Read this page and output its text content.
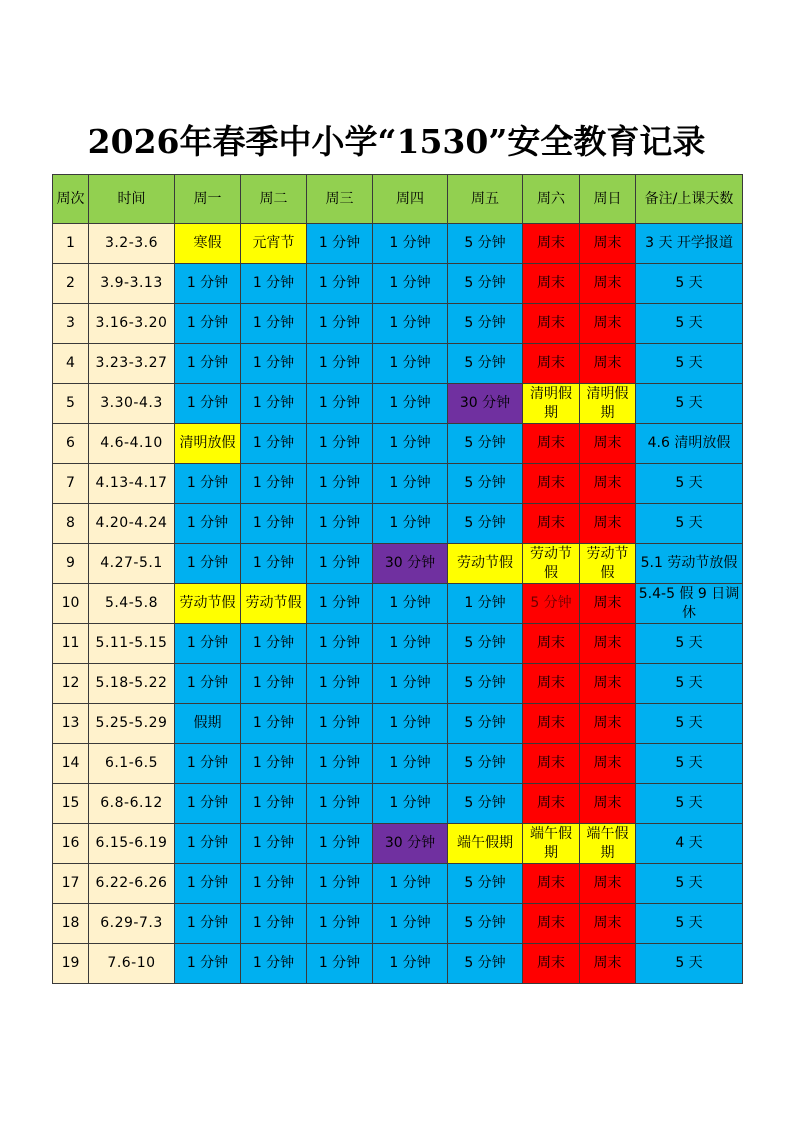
2026年春季中小学“1530”安全教育记录
周次	时间	周一	周二	周三	周四	周五	周六	周日	备注/上课天数
1	3.2-3.6	寒假	元宵节	1 分钟	1 分钟	5 分钟	周末	周末	3 天 开学报道
2	3.9-3.13	1 分钟	1 分钟	1 分钟	1 分钟	5 分钟	周末	周末	5 天
3	3.16-3.20	1 分钟	1 分钟	1 分钟	1 分钟	5 分钟	周末	周末	5 天
4	3.23-3.27	1 分钟	1 分钟	1 分钟	1 分钟	5 分钟	周末	周末	5 天
5	3.30-4.3	1 分钟	1 分钟	1 分钟	1 分钟	30 分钟	清明假期	清明假期	5 天
6	4.6-4.10	清明放假	1 分钟	1 分钟	1 分钟	5 分钟	周末	周末	4.6 清明放假
7	4.13-4.17	1 分钟	1 分钟	1 分钟	1 分钟	5 分钟	周末	周末	5 天
8	4.20-4.24	1 分钟	1 分钟	1 分钟	1 分钟	5 分钟	周末	周末	5 天
9	4.27-5.1	1 分钟	1 分钟	1 分钟	30 分钟	劳动节假	劳动节假	劳动节假	5.1 劳动节放假
10	5.4-5.8	劳动节假	劳动节假	1 分钟	1 分钟	1 分钟	5 分钟	周末	5.4-5 假 9 日调休
11	5.11-5.15	1 分钟	1 分钟	1 分钟	1 分钟	5 分钟	周末	周末	5 天
12	5.18-5.22	1 分钟	1 分钟	1 分钟	1 分钟	5 分钟	周末	周末	5 天
13	5.25-5.29	假期	1 分钟	1 分钟	1 分钟	5 分钟	周末	周末	5 天
14	6.1-6.5	1 分钟	1 分钟	1 分钟	1 分钟	5 分钟	周末	周末	5 天
15	6.8-6.12	1 分钟	1 分钟	1 分钟	1 分钟	5 分钟	周末	周末	5 天
16	6.15-6.19	1 分钟	1 分钟	1 分钟	30 分钟	端午假期	端午假期	端午假期	4 天
17	6.22-6.26	1 分钟	1 分钟	1 分钟	1 分钟	5 分钟	周末	周末	5 天
18	6.29-7.3	1 分钟	1 分钟	1 分钟	1 分钟	5 分钟	周末	周末	5 天
19	7.6-10	1 分钟	1 分钟	1 分钟	1 分钟	5 分钟	周末	周末	5 天
